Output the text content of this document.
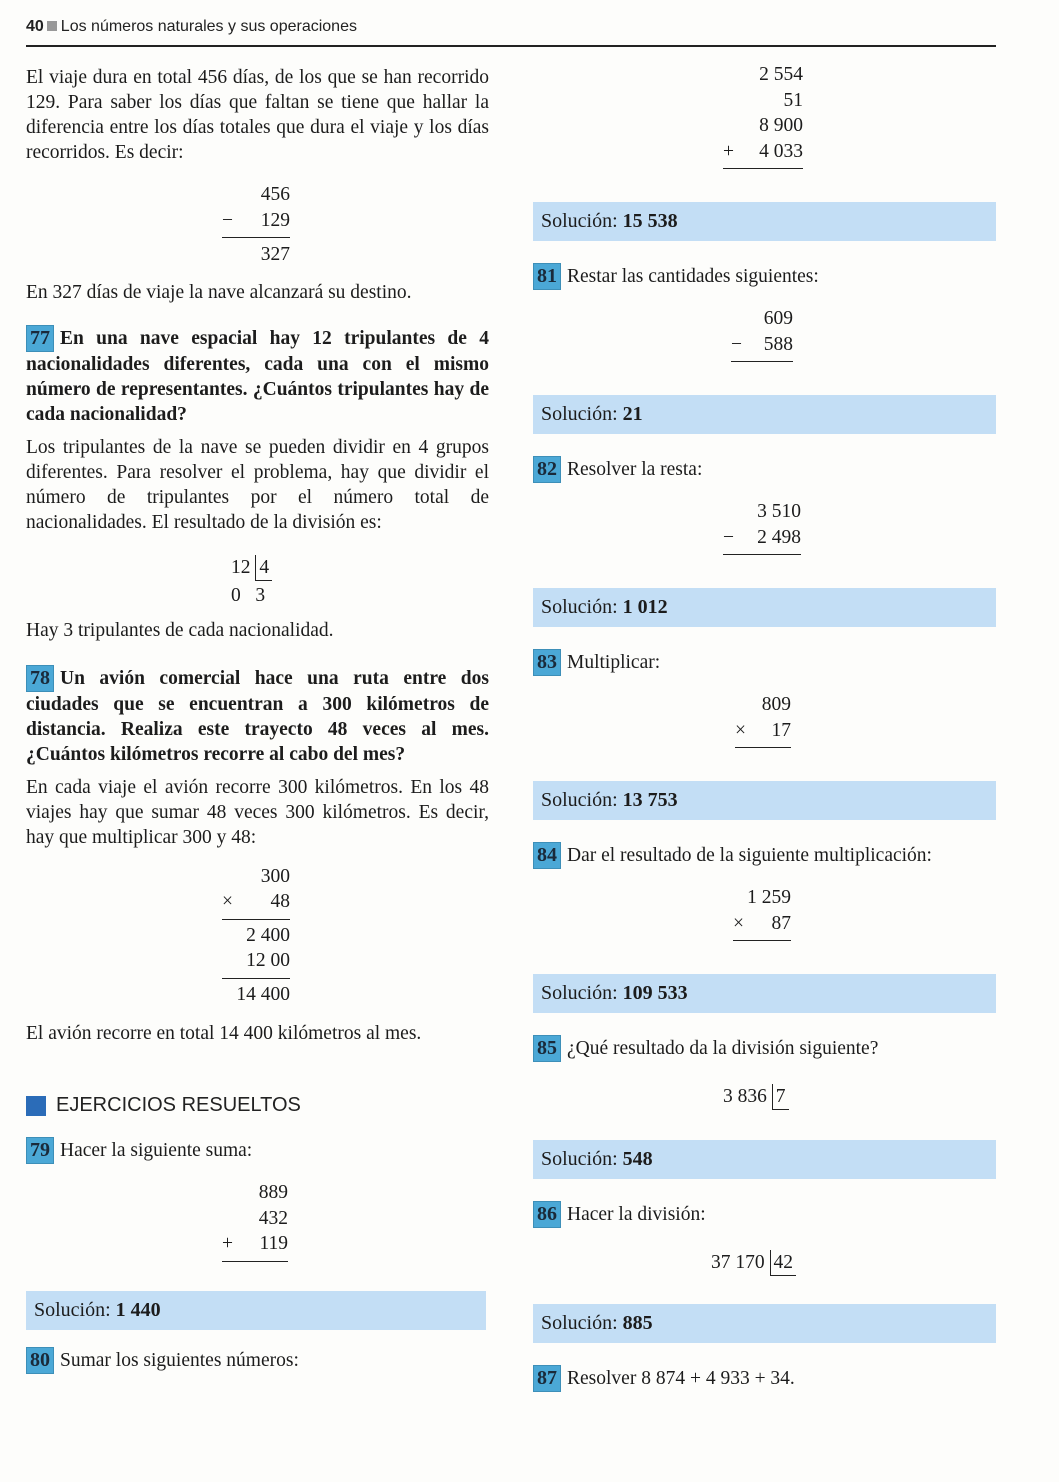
40 Los números naturales y sus operaciones

El viaje dura en total 456 días, de los que se han recorrido 129. Para saber los días que faltan se tiene que hallar la diferencia entre los días totales que dura el viaje y los días recorridos. Es decir:

456
− 129
327

En 327 días de viaje la nave alcanzará su destino.

77 En una nave espacial hay 12 tripulantes de 4 nacionalidades diferentes, cada una con el mismo número de representantes. ¿Cuántos tripulantes hay de cada nacionalidad?

Los tripulantes de la nave se pueden dividir en 4 grupos diferentes. Para resolver el problema, hay que dividir el número de tripulantes por el número total de nacionalidades. El resultado de la división es:

12 4
0 3

Hay 3 tripulantes de cada nacionalidad.

78 Un avión comercial hace una ruta entre dos ciudades que se encuentran a 300 kilómetros de distancia. Realiza este trayecto 48 veces al mes. ¿Cuántos kilómetros recorre al cabo del mes?

En cada viaje el avión recorre 300 kilómetros. En los 48 viajes hay que sumar 48 veces 300 kilómetros. Es decir, hay que multiplicar 300 y 48:

300
× 48
2 400
12 00
14 400

El avión recorre en total 14 400 kilómetros al mes.

EJERCICIOS RESUELTOS

79 Hacer la siguiente suma:

889
432
+ 119
Solución: 1 440

80 Sumar los siguientes números:

2 554
51
8 900
+ 4 033
Solución: 15 538

81 Restar las cantidades siguientes:

609
− 588
Solución: 21

82 Resolver la resta:

3 510
− 2 498
Solución: 1 012

83 Multiplicar:

809
× 17
Solución: 13 753

84 Dar el resultado de la siguiente multiplicación:

1 259
× 87
Solución: 109 533

85 ¿Qué resultado da la división siguiente?

3 836 7
Solución: 548

86 Hacer la división:

37 170 42
Solución: 885

87 Resolver 8 874 + 4 933 + 34.
